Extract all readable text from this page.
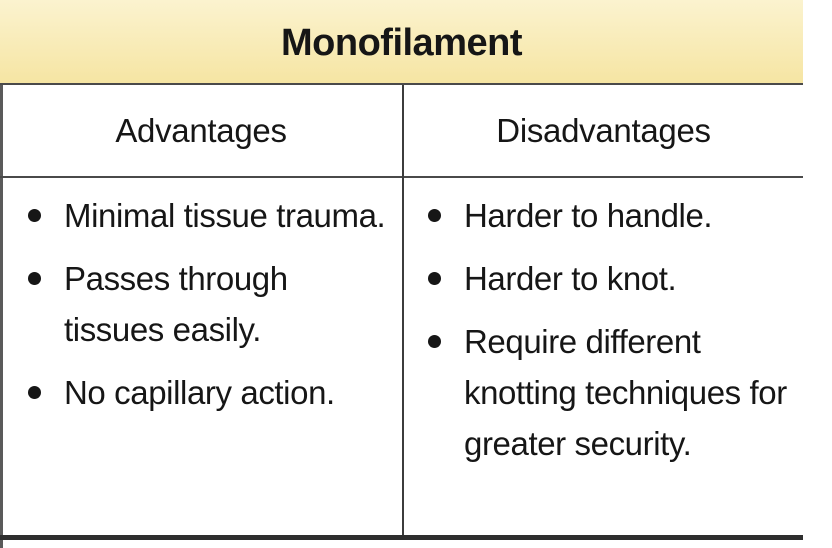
Monofilament
Advantages	Disadvantages
Minimal tissue trauma.
Passes through tissues easily.
No capillary action.
Harder to handle.
Harder to knot.
Require different knotting techniques for greater security.
